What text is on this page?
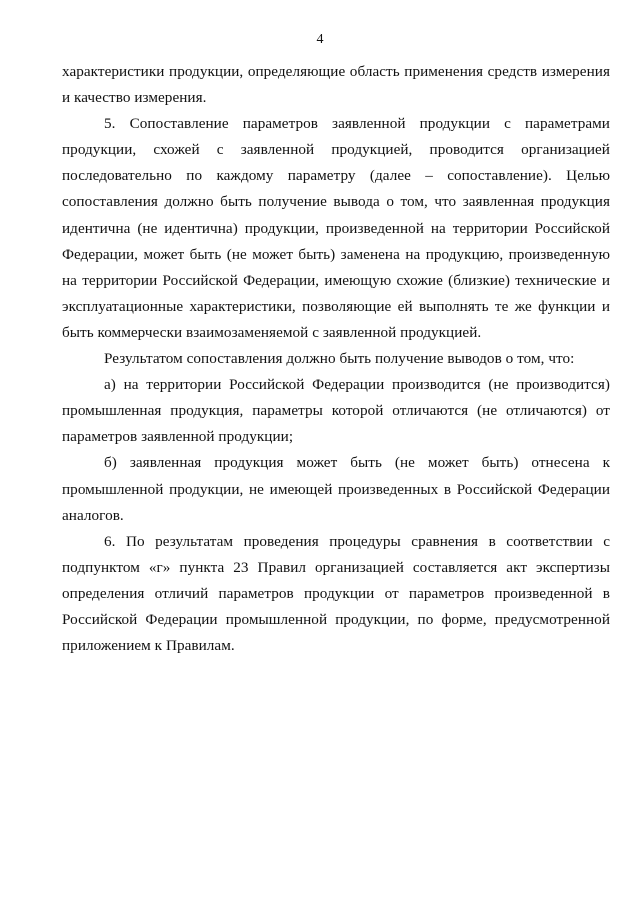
4

характеристики продукции, определяющие область применения средств измерения и качество измерения.

5. Сопоставление параметров заявленной продукции с параметрами продукции, схожей с заявленной продукцией, проводится организацией последовательно по каждому параметру (далее – сопоставление). Целью сопоставления должно быть получение вывода о том, что заявленная продукция идентична (не идентична) продукции, произведенной на территории Российской Федерации, может быть (не может быть) заменена на продукцию, произведенную на территории Российской Федерации, имеющую схожие (близкие) технические и эксплуатационные характеристики, позволяющие ей выполнять те же функции и быть коммерчески взаимозаменяемой с заявленной продукцией.

Результатом сопоставления должно быть получение выводов о том, что:

а) на территории Российской Федерации производится (не производится) промышленная продукция, параметры которой отличаются (не отличаются) от параметров заявленной продукции;

б) заявленная продукция может быть (не может быть) отнесена к промышленной продукции, не имеющей произведенных в Российской Федерации аналогов.

6. По результатам проведения процедуры сравнения в соответствии с подпунктом «г» пункта 23 Правил организацией составляется акт экспертизы определения отличий параметров продукции от параметров произведенной в Российской Федерации промышленной продукции, по форме, предусмотренной приложением к Правилам.
